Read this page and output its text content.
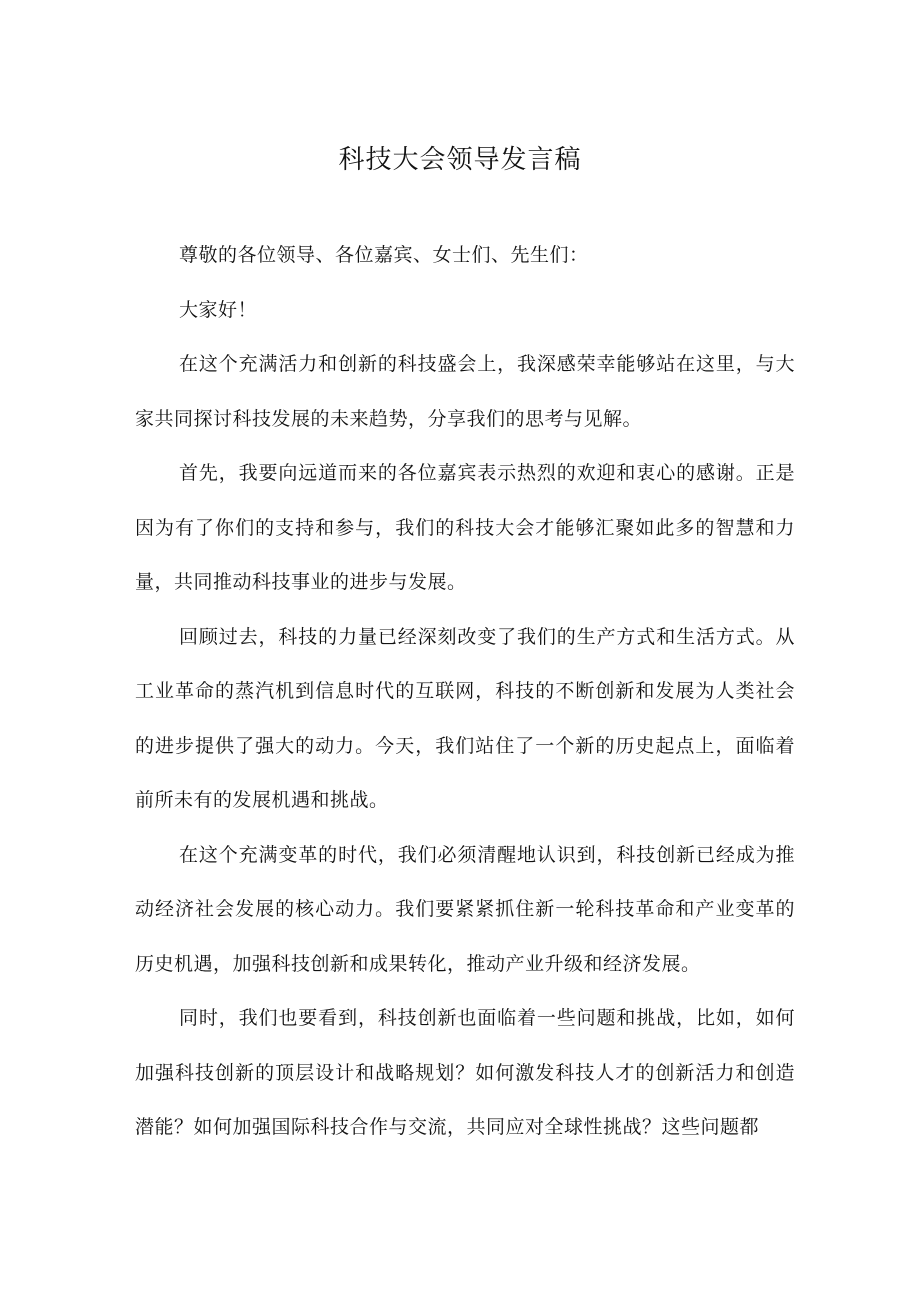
科技大会领导发言稿

尊敬的各位领导、各位嘉宾、女士们、先生们：

大家好！

在这个充满活力和创新的科技盛会上，我深感荣幸能够站在这里，与大家共同探讨科技发展的未来趋势，分享我们的思考与见解。

首先，我要向远道而来的各位嘉宾表示热烈的欢迎和衷心的感谢。正是因为有了你们的支持和参与，我们的科技大会才能够汇聚如此多的智慧和力量，共同推动科技事业的进步与发展。

回顾过去，科技的力量已经深刻改变了我们的生产方式和生活方式。从工业革命的蒸汽机到信息时代的互联网，科技的不断创新和发展为人类社会的进步提供了强大的动力。今天，我们站住了一个新的历史起点上，面临着前所未有的发展机遇和挑战。

在这个充满变革的时代，我们必须清醒地认识到，科技创新已经成为推动经济社会发展的核心动力。我们要紧紧抓住新一轮科技革命和产业变革的历史机遇，加强科技创新和成果转化，推动产业升级和经济发展。

同时，我们也要看到，科技创新也面临着一些问题和挑战，比如，如何加强科技创新的顶层设计和战略规划？如何激发科技人才的创新活力和创造潜能？如何加强国际科技合作与交流，共同应对全球性挑战？这些问题都
